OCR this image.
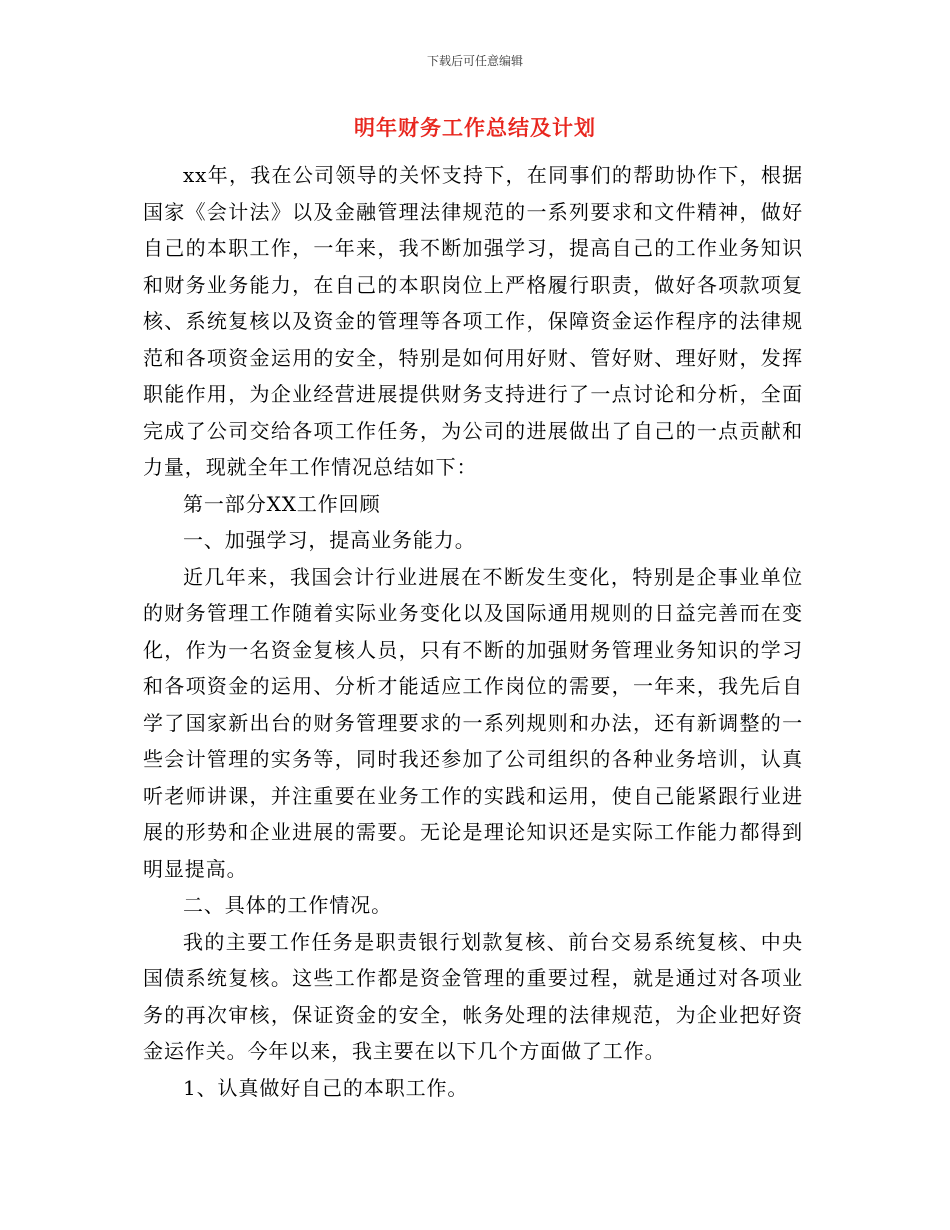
下载后可任意编辑
明年财务工作总结及计划

xx年，我在公司领导的关怀支持下，在同事们的帮助协作下，根据国家《会计法》以及金融管理法律规范的一系列要求和文件精神，做好自己的本职工作，一年来，我不断加强学习，提高自己的工作业务知识和财务业务能力，在自己的本职岗位上严格履行职责，做好各项款项复核、系统复核以及资金的管理等各项工作，保障资金运作程序的法律规范和各项资金运用的安全，特别是如何用好财、管好财、理好财，发挥职能作用，为企业经营进展提供财务支持进行了一点讨论和分析，全面完成了公司交给各项工作任务，为公司的进展做出了自己的一点贡献和力量，现就全年工作情况总结如下：

第一部分XX工作回顾

一、加强学习，提高业务能力。

近几年来，我国会计行业进展在不断发生变化，特别是企事业单位的财务管理工作随着实际业务变化以及国际通用规则的日益完善而在变化，作为一名资金复核人员，只有不断的加强财务管理业务知识的学习和各项资金的运用、分析才能适应工作岗位的需要，一年来，我先后自学了国家新出台的财务管理要求的一系列规则和办法，还有新调整的一些会计管理的实务等，同时我还参加了公司组织的各种业务培训，认真听老师讲课，并注重要在业务工作的实践和运用，使自己能紧跟行业进展的形势和企业进展的需要。无论是理论知识还是实际工作能力都得到明显提高。

二、具体的工作情况。

我的主要工作任务是职责银行划款复核、前台交易系统复核、中央国债系统复核。这些工作都是资金管理的重要过程，就是通过对各项业务的再次审核，保证资金的安全，帐务处理的法律规范，为企业把好资金运作关。今年以来，我主要在以下几个方面做了工作。

1、认真做好自己的本职工作。
